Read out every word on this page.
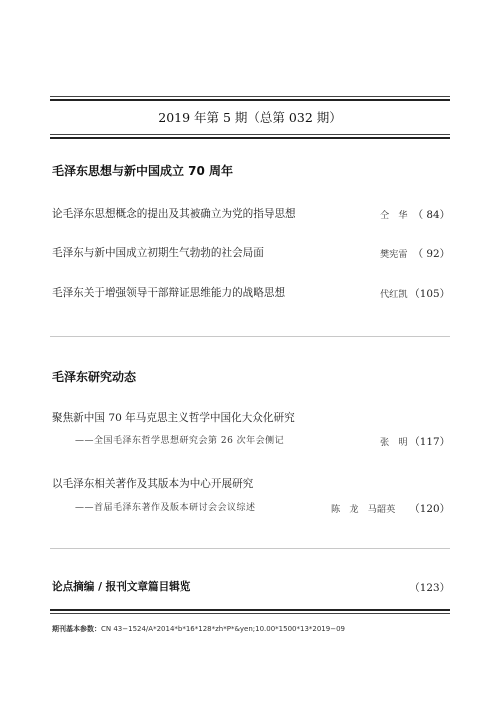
2019 年第 5 期（总第 032 期）
毛泽东思想与新中国成立 70 周年
论毛泽东思想概念的提出及其被确立为党的指导思想	仝　华 （ 84）
毛泽东与新中国成立初期生气勃勃的社会局面	樊宪雷 （ 92）
毛泽东关于增强领导干部辩证思维能力的战略思想	代红凯 （105）
毛泽东研究动态
聚焦新中国 70 年马克思主义哲学中国化大众化研究
——全国毛泽东哲学思想研究会第 26 次年会侧记	张　明 （117）
以毛泽东相关著作及其版本为中心开展研究
——首届毛泽东著作及版本研讨会会议综述	陈　龙　马韶英 （120）
论点摘编 / 报刊文章篇目辑览	（123）
期刊基本参数：CN 43−1524/A*2014*b*16*128*zh*P*&yen;10.00*1500*13*2019−09
